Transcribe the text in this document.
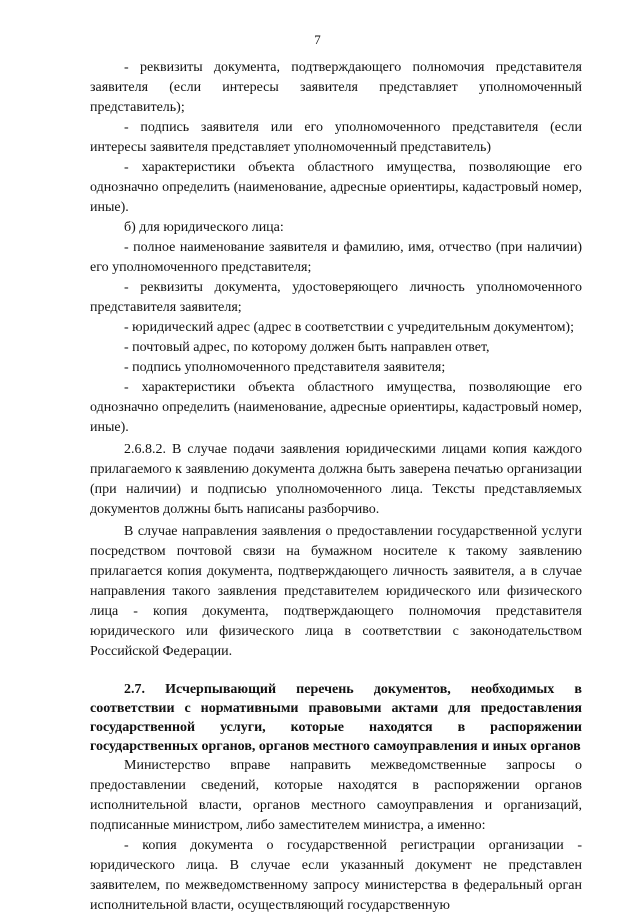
7

- реквизиты документа, подтверждающего полномочия представителя заявителя (если интересы заявителя представляет уполномоченный представитель);

- подпись заявителя или его уполномоченного представителя (если интересы заявителя представляет уполномоченный представитель)

- характеристики объекта областного имущества, позволяющие его однозначно определить (наименование, адресные ориентиры, кадастровый номер, иные).

б) для юридического лица:

- полное наименование заявителя и фамилию, имя, отчество (при наличии) его уполномоченного представителя;

- реквизиты документа, удостоверяющего личность уполномоченного представителя заявителя;

- юридический адрес (адрес в соответствии с учредительным документом);

- почтовый адрес, по которому должен быть направлен ответ,

- подпись уполномоченного представителя заявителя;

- характеристики объекта областного имущества, позволяющие его однозначно определить (наименование, адресные ориентиры, кадастровый номер, иные).

2.6.8.2. В случае подачи заявления юридическими лицами копия каждого прилагаемого к заявлению документа должна быть заверена печатью организации (при наличии) и подписью уполномоченного лица. Тексты представляемых документов должны быть написаны разборчиво.

В случае направления заявления о предоставлении государственной услуги посредством почтовой связи на бумажном носителе к такому заявлению прилагается копия документа, подтверждающего личность заявителя, а в случае направления такого заявления представителем юридического или физического лица - копия документа, подтверждающего полномочия представителя юридического или физического лица в соответствии с законодательством Российской Федерации.

2.7. Исчерпывающий перечень документов, необходимых в соответствии с нормативными правовыми актами для предоставления государственной услуги, которые находятся в распоряжении государственных органов, органов местного самоуправления и иных органов

Министерство вправе направить межведомственные запросы о предоставлении сведений, которые находятся в распоряжении органов исполнительной власти, органов местного самоуправления и организаций, подписанные министром, либо заместителем министра, а именно:

- копия документа о государственной регистрации организации - юридического лица. В случае если указанный документ не представлен заявителем, по межведомственному запросу министерства в федеральный орган исполнительной власти, осуществляющий государственную
